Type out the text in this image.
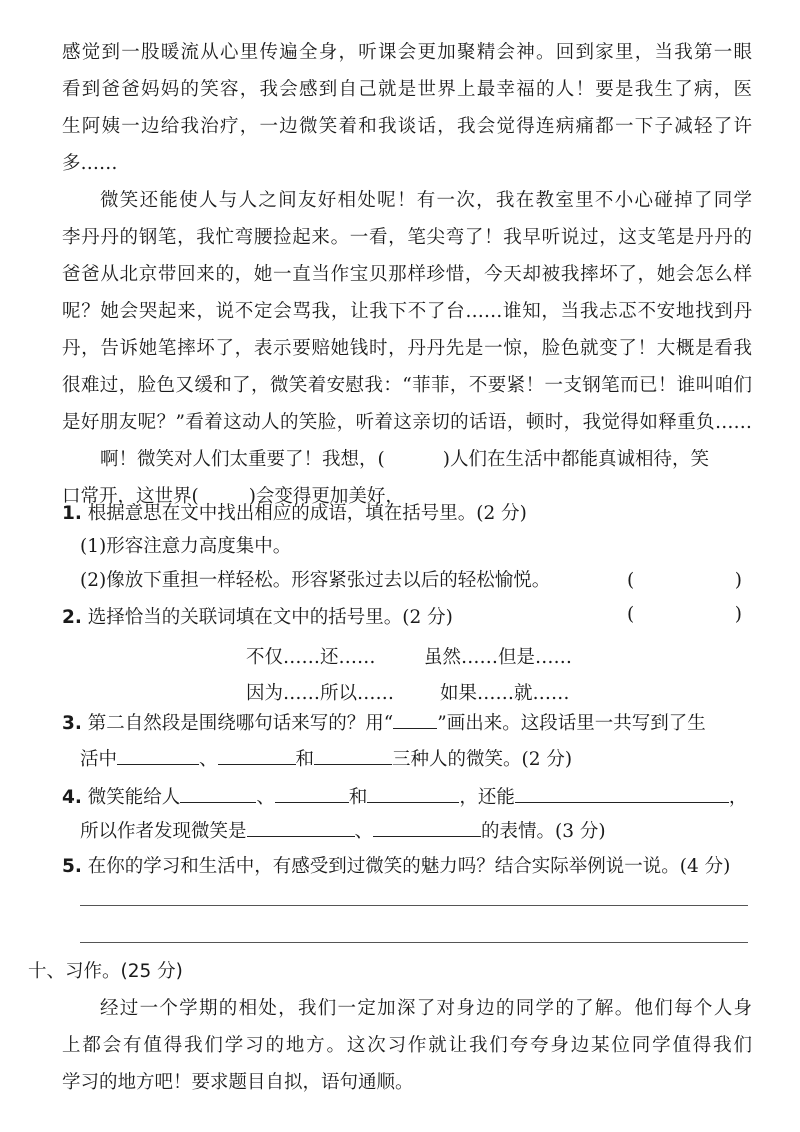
感觉到一股暖流从心里传遍全身，听课会更加聚精会神。回到家里，当我第一眼
看到爸爸妈妈的笑容，我会感到自己就是世界上最幸福的人！要是我生了病，医
生阿姨一边给我治疗，一边微笑着和我谈话，我会觉得连病痛都一下子减轻了许
多……
微笑还能使人与人之间友好相处呢！有一次，我在教室里不小心碰掉了同学
李丹丹的钢笔，我忙弯腰捡起来。一看，笔尖弯了！我早听说过，这支笔是丹丹的
爸爸从北京带回来的，她一直当作宝贝那样珍惜，今天却被我摔坏了，她会怎么样
呢？她会哭起来，说不定会骂我，让我下不了台……谁知，当我忐忑不安地找到丹
丹，告诉她笔摔坏了，表示要赔她钱时，丹丹先是一惊，脸色就变了！大概是看我
很难过，脸色又缓和了，微笑着安慰我：“菲菲，不要紧！一支钢笔而已！谁叫咱们
是好朋友呢？”看着这动人的笑脸，听着这亲切的话语，顿时，我觉得如释重负……
啊！微笑对人们太重要了！我想，(	)人们在生活中都能真诚相待，笑
口常开，这世界(	)会变得更加美好，
1. 根据意思在文中找出相应的成语，填在括号里。(2 分)
(1)形容注意力高度集中。
(	)
(2)像放下重担一样轻松。形容紧张过去以后的轻松愉悦。
(	)
2. 选择恰当的关联词填在文中的括号里。(2 分)
不仅……还……	虽然……但是……
因为……所以…… 如果……就……
3. 第二自然段是围绕哪句话来写的？用“ ”画出来。这段话里一共写到了生
活中	、	和	三种人的微笑。(2 分)
4. 微笑能给人	、	和	，还能	，
所以作者发现微笑是	、	的表情。(3 分)
5. 在你的学习和生活中，有感受到过微笑的魅力吗？结合实际举例说一说。(4 分)
十、习作。(25 分)
经过一个学期的相处，我们一定加深了对身边的同学的了解。他们每个人身
上都会有值得我们学习的地方。这次习作就让我们夸夸身边某位同学值得我们
学习的地方吧！要求题目自拟，语句通顺。
